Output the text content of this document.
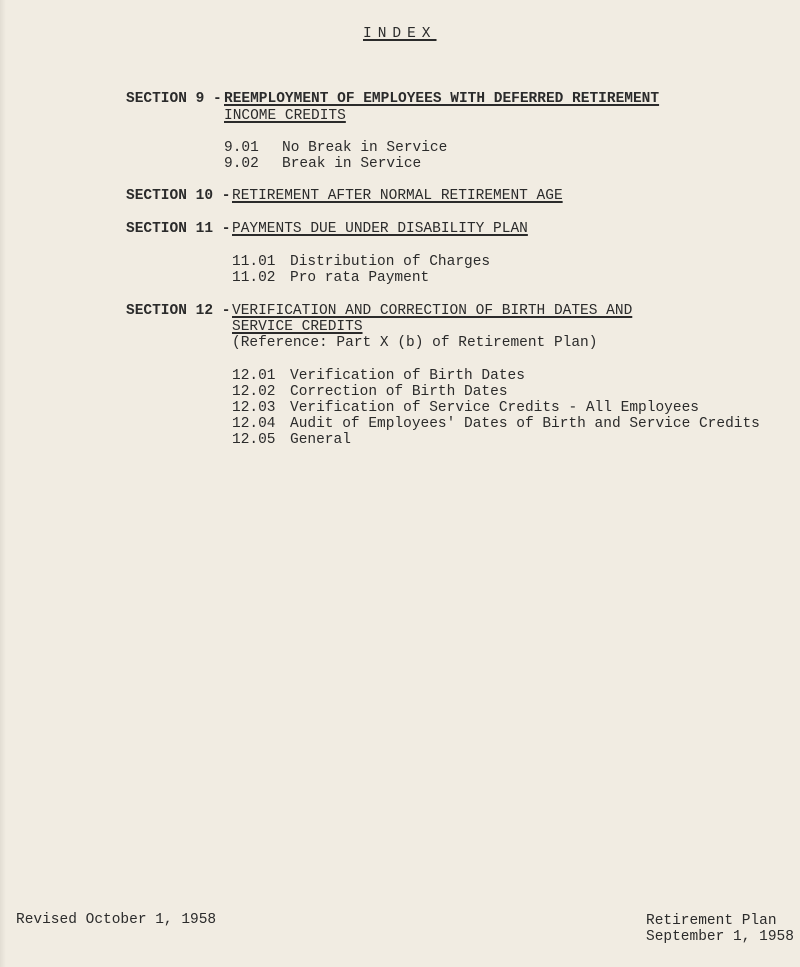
INDEX
SECTION 9 - REEMPLOYMENT OF EMPLOYEES WITH DEFERRED RETIREMENT
INCOME CREDITS
9.01 No Break in Service
9.02 Break in Service
SECTION 10 - RETIREMENT AFTER NORMAL RETIREMENT AGE
SECTION 11 - PAYMENTS DUE UNDER DISABILITY PLAN
11.01 Distribution of Charges
11.02 Pro rata Payment
SECTION 12 - VERIFICATION AND CORRECTION OF BIRTH DATES AND
SERVICE CREDITS
(Reference: Part X (b) of Retirement Plan)
12.01 Verification of Birth Dates
12.02 Correction of Birth Dates
12.03 Verification of Service Credits - All Employees
12.04 Audit of Employees' Dates of Birth and Service Credits
12.05 General
Revised October 1, 1958	Retirement Plan
September 1, 1958
